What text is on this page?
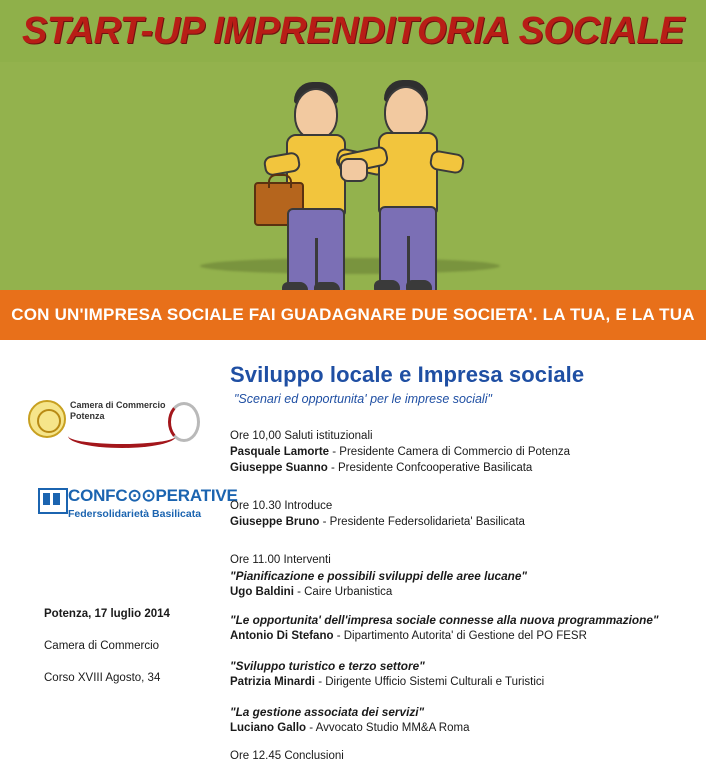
START-UP IMPRENDITORIA SOCIALE
CON UN'IMPRESA SOCIALE FAI GUADAGNARE DUE SOCIETA'. LA TUA, E LA TUA
Camera di Commercio
Potenza
CONFC⊙⊙PERATIVE
Federsolidarietà Basilicata
Potenza, 17 luglio 2014
Camera di Commercio
Corso XVIII Agosto, 34
Sviluppo locale e Impresa sociale
"Scenari ed opportunita' per le imprese sociali"
Ore 10,00 Saluti istituzionali
Pasquale Lamorte - Presidente Camera di Commercio di Potenza
Giuseppe Suanno - Presidente Confcooperative Basilicata
Ore 10.30 Introduce
Giuseppe Bruno - Presidente Federsolidarieta' Basilicata
Ore 11.00 Interventi
"Pianificazione e possibili sviluppi delle aree lucane"
Ugo Baldini - Caire Urbanistica
"Le opportunita' dell'impresa sociale connesse alla nuova programmazione"
Antonio Di Stefano - Dipartimento Autorita' di Gestione del PO FESR
"Sviluppo turistico e terzo settore"
Patrizia Minardi - Dirigente Ufficio Sistemi Culturali e Turistici
"La gestione associata dei servizi"
Luciano Gallo - Avvocato Studio MM&A Roma
Ore 12.45 Conclusioni
